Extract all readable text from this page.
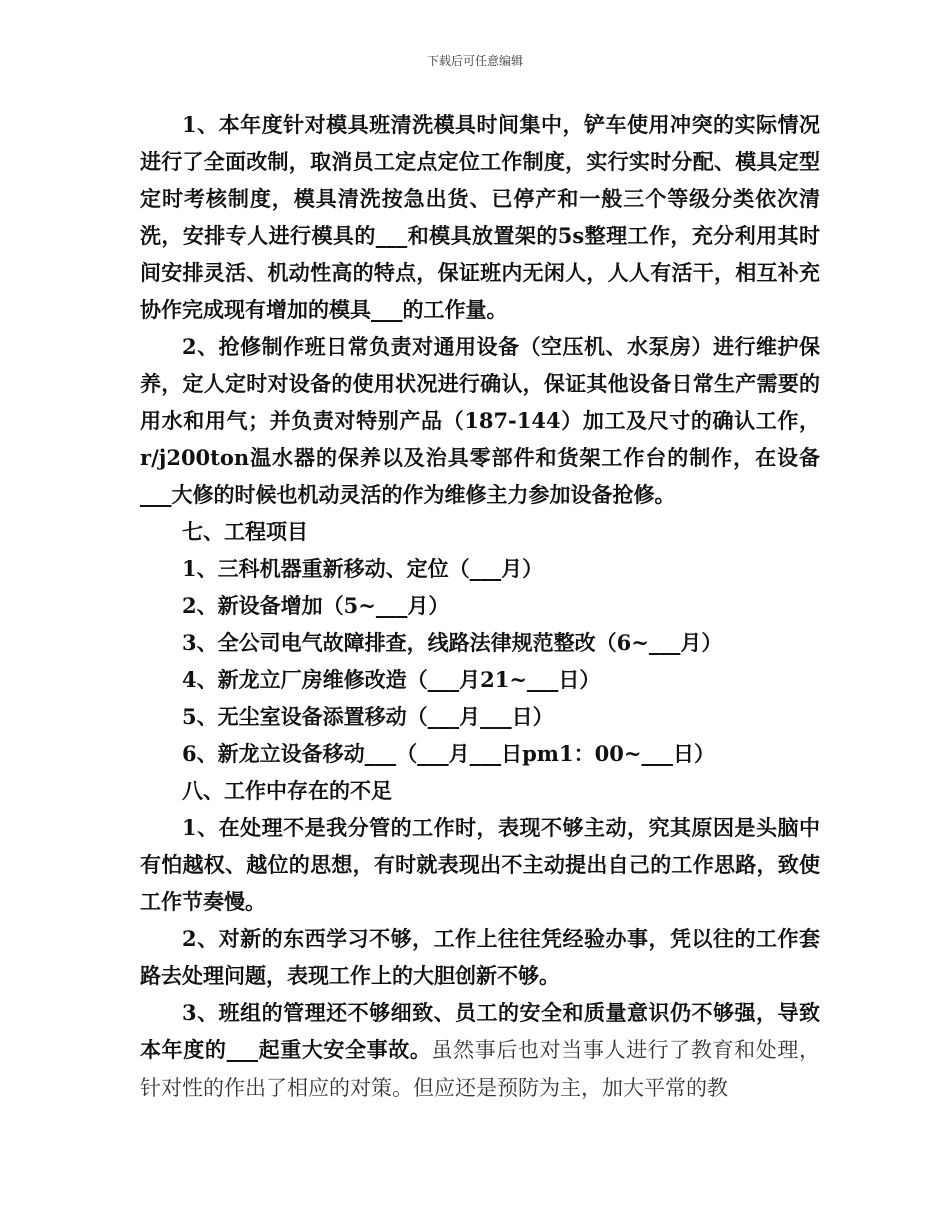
下载后可任意编辑

1、本年度针对模具班清洗模具时间集中，铲车使用冲突的实际情况进行了全面改制，取消员工定点定位工作制度，实行实时分配、模具定型定时考核制度，模具清洗按急出货、已停产和一般三个等级分类依次清洗，安排专人进行模具的___和模具放置架的5s整理工作，充分利用其时间安排灵活、机动性高的特点，保证班内无闲人，人人有活干，相互补充协作完成现有增加的模具___的工作量。

2、抢修制作班日常负责对通用设备（空压机、水泵房）进行维护保养，定人定时对设备的使用状况进行确认，保证其他设备日常生产需要的用水和用气；并负责对特别产品（187-144）加工及尺寸的确认工作，r/j200ton温水器的保养以及治具零部件和货架工作台的制作，在设备___大修的时候也机动灵活的作为维修主力参加设备抢修。

七、工程项目

1、三科机器重新移动、定位（___月）

2、新设备增加（5~___月）

3、全公司电气故障排查，线路法律规范整改（6~___月）

4、新龙立厂房维修改造（___月21~___日）

5、无尘室设备添置移动（___月___日）

6、新龙立设备移动___（___月___日pm1：00~___日）

八、工作中存在的不足

1、在处理不是我分管的工作时，表现不够主动，究其原因是头脑中有怕越权、越位的思想，有时就表现出不主动提出自己的工作思路，致使工作节奏慢。

2、对新的东西学习不够，工作上往往凭经验办事，凭以往的工作套路去处理问题，表现工作上的大胆创新不够。

3、班组的管理还不够细致、员工的安全和质量意识仍不够强，导致本年度的___起重大安全事故。虽然事后也对当事人进行了教育和处理，针对性的作出了相应的对策。但应还是预防为主，加大平常的教
